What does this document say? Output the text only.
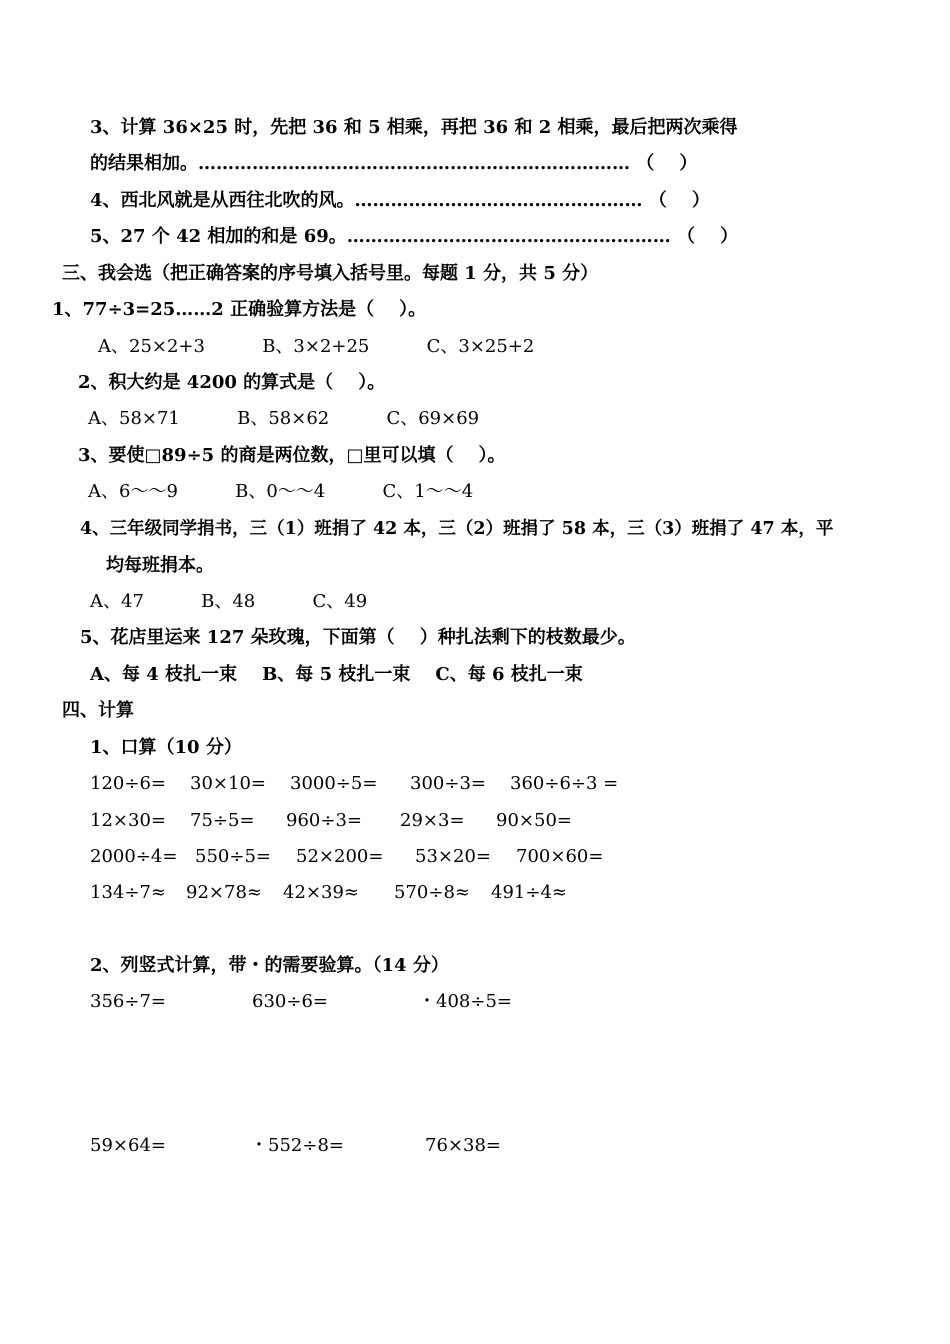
3、计算 36×25 时，先把 36 和 5 相乘，再把 36 和 2 相乘，最后把两次乘得
的结果相加。……………………………………………………………… （    ）
4、西北风就是从西往北吹的风。………………………………………… （    ）
5、27 个 42 相加的和是 69。……………………………………………… （    ）
三、我会选（把正确答案的序号填入括号里。每题 1 分，共 5 分）
1、77÷3=25……2 正确验算方法是（    ）。
A、25×2+3          B、3×2+25          C、3×25+2
2、积大约是 4200 的算式是（    ）。
A、58×71          B、58×62          C、69×69
3、要使□89÷5 的商是两位数，□里可以填（    ）。
A、6～～9          B、0～～4          C、1～～4
4、三年级同学捐书，三（1）班捐了 42 本，三（2）班捐了 58 本，三（3）班捐了 47 本，平
均每班捐本。
A、47          B、48          C、49
5、花店里运来 127 朵玫瑰，下面第（    ）种扎法剩下的枝数最少。
A、每 4 枝扎一束    B、每 5 枝扎一束    C、每 6 枝扎一束
四、计算
1、口算（10 分）
120÷6= 30×10= 3000÷5= 300÷3= 360÷6÷3 =
12×30= 75÷5= 960÷3= 29×3= 90×50=
2000÷4= 550÷5= 52×200= 53×20= 700×60=
134÷7≈ 92×78≈ 42×39≈ 570÷8≈ 491÷4≈
2、列竖式计算，带・的需要验算。（14 分）
356÷7=	630÷6=	・408÷5=
59×64=	・552÷8=	76×38=
